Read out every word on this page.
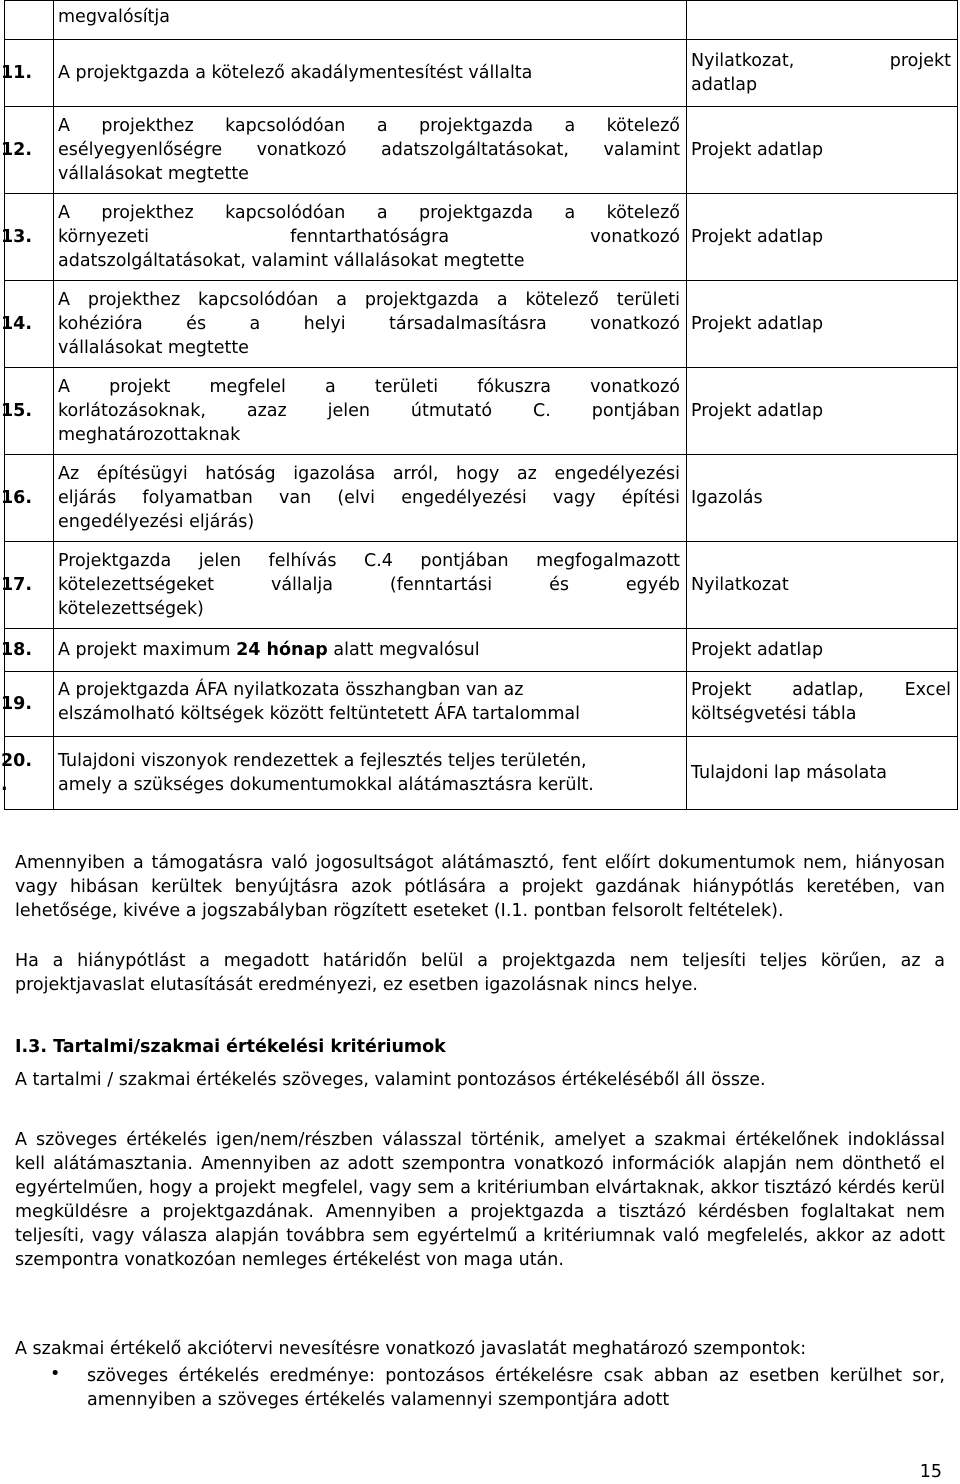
	megvalósítja	
11.	A projektgazda a kötelező akadálymentesítést vállalta	Nyilatkozat, projekt
adatlap

12.	A projekthez kapcsolódóan a projektgazda a kötelező
esélyegyenlőségre vonatkozó adatszolgáltatásokat, valamint
vállalásokat megtette	Projekt adatlap
13.	A projekthez kapcsolódóan a projektgazda a kötelező
környezeti fenntarthatóságra vonatkozó
adatszolgáltatásokat, valamint vállalásokat megtette	Projekt adatlap
14.	A projekthez kapcsolódóan a projektgazda a kötelező területi
kohézióra és a helyi társadalmasításra vonatkozó
vállalásokat megtette	Projekt adatlap
15.	A projekt megfelel a területi fókuszra vonatkozó
korlátozásoknak, azaz jelen útmutató C. pontjában
meghatározottaknak	Projekt adatlap
16.	Az építésügyi hatóság igazolása arról, hogy az engedélyezési
eljárás folyamatban van (elvi engedélyezési vagy építési
engedélyezési eljárás)	Igazolás
17.	Projektgazda jelen felhívás C.4 pontjában megfogalmazott
kötelezettségeket vállalja (fenntartási és egyéb
kötelezettségek)	Nyilatkozat
18.	A projekt maximum 24 hónap alatt megvalósul	Projekt adatlap
19.	A projektgazda ÁFA nyilatkozata összhangban van az
elszámolható költségek között feltüntetett ÁFA tartalommal	Projekt adatlap, Excel
költségvetési tábla

20.
.	Tulajdoni viszonyok rendezettek a fejlesztés teljes területén,
amely a szükséges dokumentumokkal alátámasztásra került.	Tulajdoni lap másolata
Amennyiben a támogatásra való jogosultságot alátámasztó, fent előírt dokumentumok nem, hiányosan vagy hibásan kerültek benyújtásra azok pótlására a projekt gazdának hiánypótlás keretében, van lehetősége, kivéve a jogszabályban rögzített eseteket (I.1. pontban felsorolt feltételek).
Ha a hiánypótlást a megadott határidőn belül a projektgazda nem teljesíti teljes körűen, az a projektjavaslat elutasítását eredményezi, ez esetben igazolásnak nincs helye.
I.3. Tartalmi/szakmai értékelési kritériumok
A tartalmi / szakmai értékelés szöveges, valamint pontozásos értékeléséből áll össze.
A szöveges értékelés igen/nem/részben válasszal történik, amelyet a szakmai értékelőnek indoklással kell alátámasztania. Amennyiben az adott szempontra vonatkozó információk alapján nem dönthető el egyértelműen, hogy a projekt megfelel, vagy sem a kritériumban elvártaknak, akkor tisztázó kérdés kerül megküldésre a projektgazdának. Amennyiben a projektgazda a tisztázó kérdésben foglaltakat nem teljesíti, vagy válasza alapján továbbra sem egyértelmű a kritériumnak való megfelelés, akkor az adott szempontra vonatkozóan nemleges értékelést von maga után.
A szakmai értékelő akciótervi nevesítésre vonatkozó javaslatát meghatározó szempontok:
•	szöveges értékelés eredménye: pontozásos értékelésre csak abban az esetben kerülhet sor, amennyiben a szöveges értékelés valamennyi szempontjára adott
15
